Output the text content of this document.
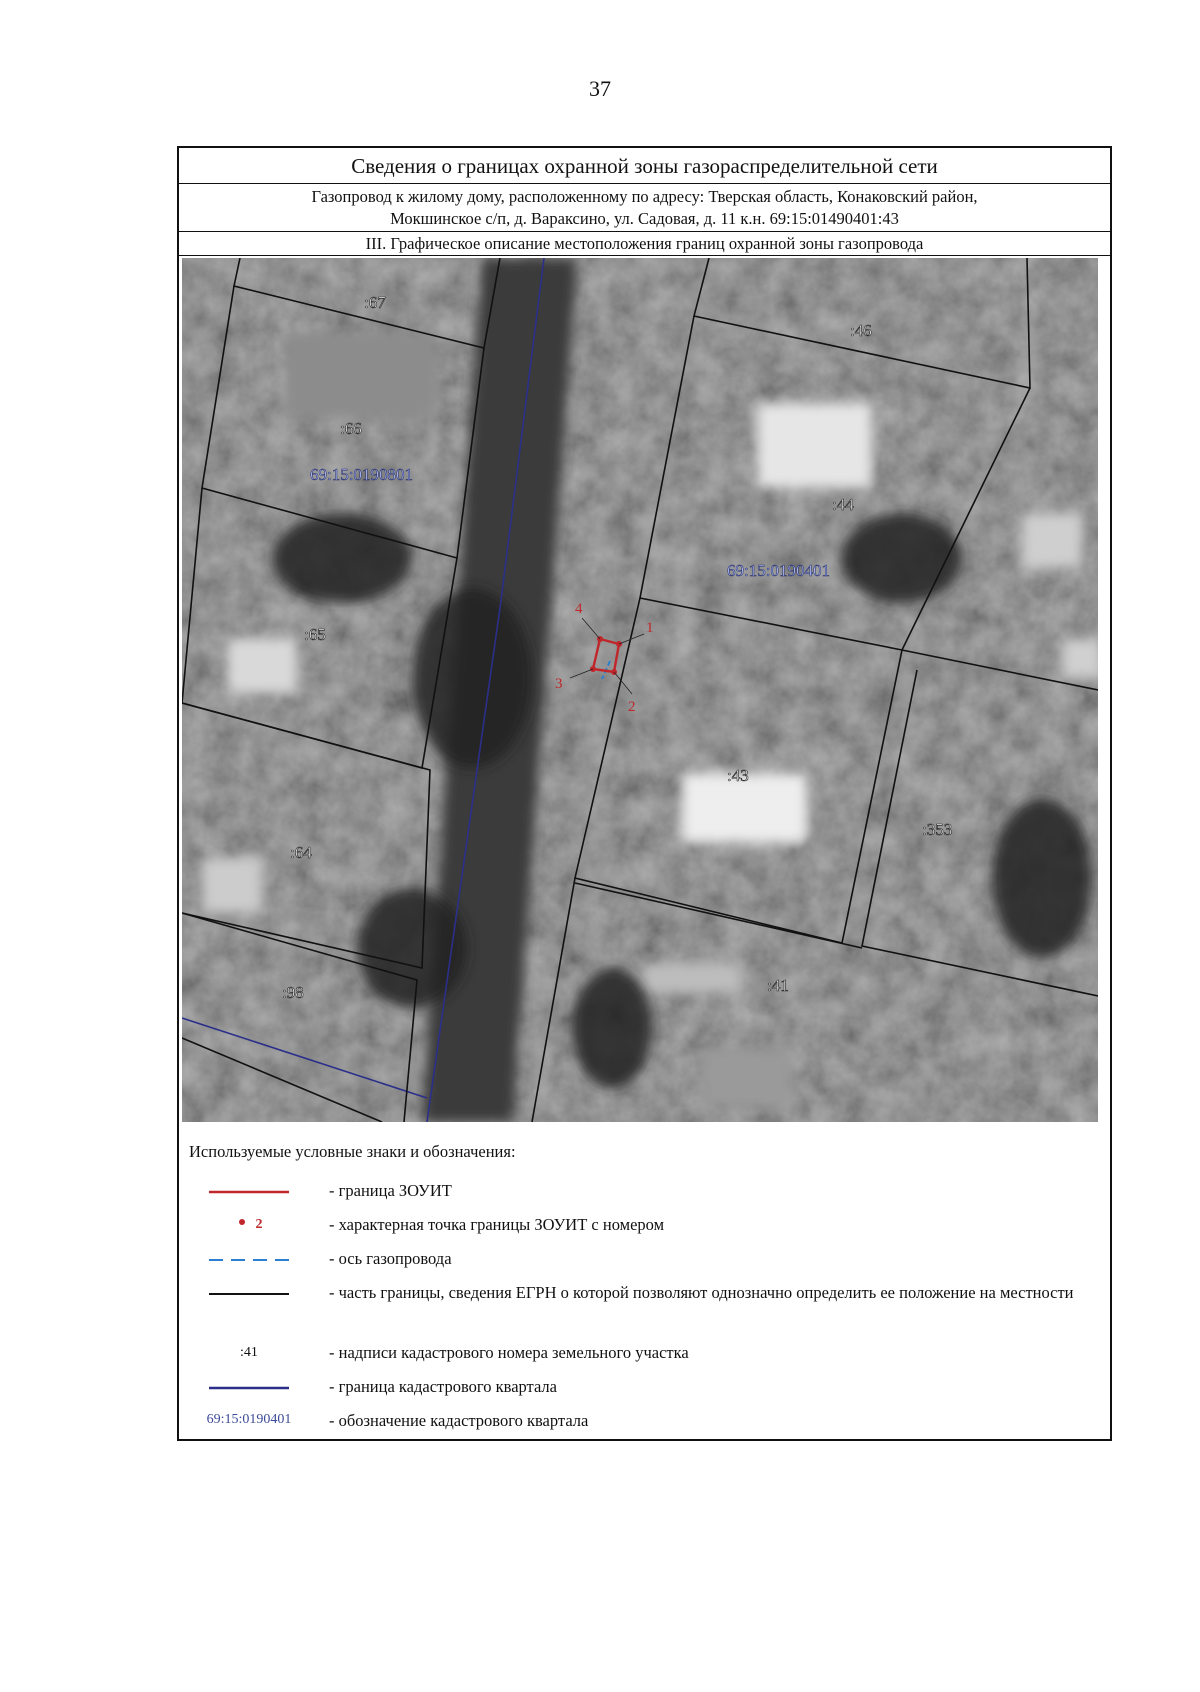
37
Сведения о границах охранной зоны газораспределительной сети
Газопровод к жилому дому, расположенному по адресу: Тверская область, Конаковский район,
Мокшинское с/п, д. Вараксино, ул. Садовая, д. 11 к.н. 69:15:01490401:43
III. Графическое описание местоположения границ охранной зоны газопровода
1
2
3
4
:67
:46
:66
:44
:65
:43
:353
:64
:41
:98
69:15:0190801
69:15:0190401
Используемые условные знаки и обозначения:
- граница ЗОУИТ
2	- характерная точка границы ЗОУИТ с номером
- ось газопровода
- часть границы, сведения ЕГРН о которой позволяют однозначно определить ее положение на местности
:41	- надписи кадастрового номера земельного участка
- граница кадастрового квартала
69:15:0190401	- обозначение кадастрового квартала
